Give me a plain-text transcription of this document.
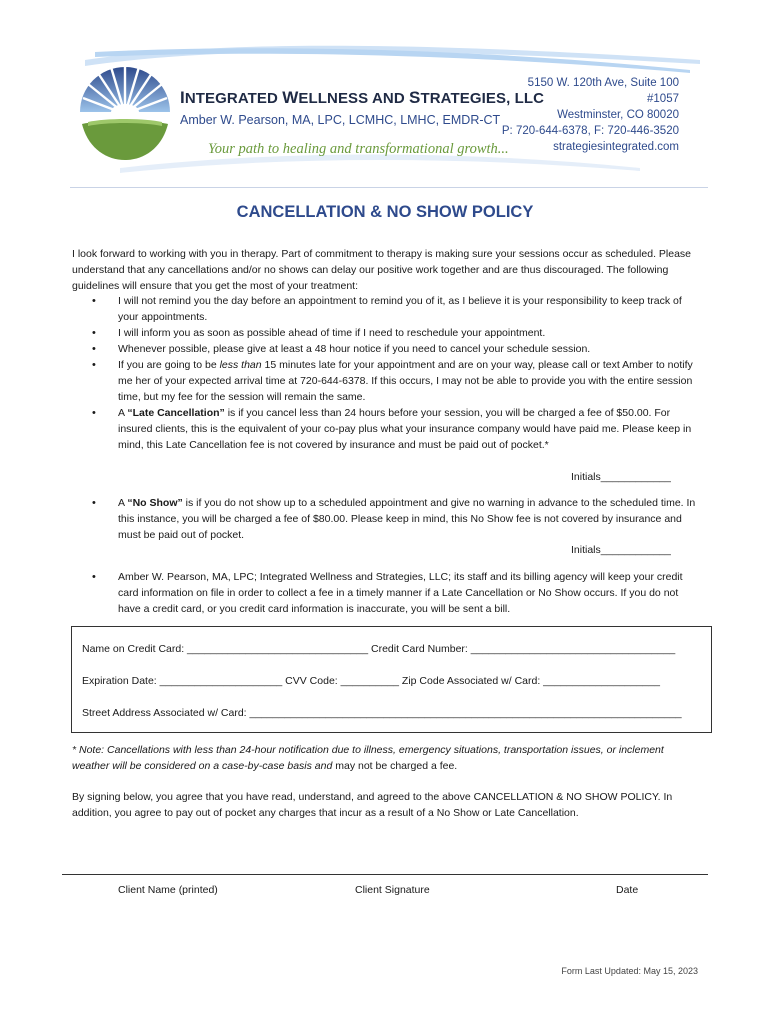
INTEGRATED WELLNESS AND STRATEGIES, LLC
Amber W. Pearson, MA, LPC, LCMHC, LMHC, EMDR-CT
Your path to healing and transformational growth...
5150 W. 120th Ave, Suite 100
#1057
Westminster, CO 80020
P: 720-644-6378, F: 720-446-3520
strategiesintegrated.com
CANCELLATION & NO SHOW POLICY

I look forward to working with you in therapy. Part of commitment to therapy is making sure your sessions occur as scheduled. Please understand that any cancellations and/or no shows can delay our positive work together and are thus discouraged. The following guidelines will ensure that you get the most of your treatment:

• I will not remind you the day before an appointment to remind you of it, as I believe it is your responsibility to keep track of your appointments.
• I will inform you as soon as possible ahead of time if I need to reschedule your appointment.
• Whenever possible, please give at least a 48 hour notice if you need to cancel your schedule session.
• If you are going to be less than 15 minutes late for your appointment and are on your way, please call or text Amber to notify me her of your expected arrival time at 720-644-6378. If this occurs, I may not be able to provide you with the entire session time, but my fee for the session will remain the same.
• A “Late Cancellation” is if you cancel less than 24 hours before your session, you will be charged a fee of $50.00. For insured clients, this is the equivalent of your co-pay plus what your insurance company would have paid me. Please keep in mind, this Late Cancellation fee is not covered by insurance and must be paid out of pocket.*
Initials____________
• A “No Show” is if you do not show up to a scheduled appointment and give no warning in advance to the scheduled time. In this instance, you will be charged a fee of $80.00. Please keep in mind, this No Show fee is not covered by insurance and must be paid out of pocket.
Initials____________
• Amber W. Pearson, MA, LPC; Integrated Wellness and Strategies, LLC; its staff and its billing agency will keep your credit card information on file in order to collect a fee in a timely manner if a Late Cancellation or No Show occurs. If you do not have a credit card, or you credit card information is inaccurate, you will be sent a bill.
Name on Credit Card: _______________________________ Credit Card Number: ___________________________________
Expiration Date: _____________________ CVV Code: __________ Zip Code Associated w/ Card: ____________________
Street Address Associated w/ Card: __________________________________________________________________________

* Note: Cancellations with less than 24-hour notification due to illness, emergency situations, transportation issues, or inclement weather will be considered on a case-by-case basis and may not be charged a fee.

By signing below, you agree that you have read, understand, and agreed to the above CANCELLATION & NO SHOW POLICY. In addition, you agree to pay out of pocket any charges that incur as a result of a No Show or Late Cancellation.

Client Name (printed)	Client Signature	Date
Form Last Updated: May 15, 2023
